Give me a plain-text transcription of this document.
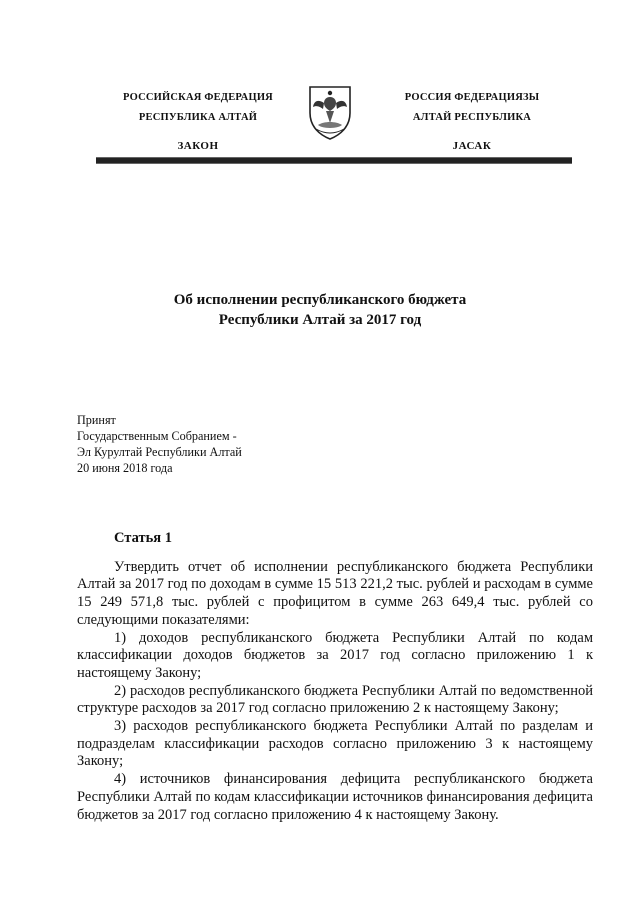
РОССИЙСКАЯ ФЕДЕРАЦИЯ
РЕСПУБЛИКА АЛТАЙ
ЗАКОН
РОССИЯ ФЕДЕРАЦИЯЗЫ
АЛТАЙ РЕСПУБЛИКА
JАСАК
Об исполнении республиканского бюджета
Республики Алтай за 2017 год
Принят
Государственным Собранием -
Эл Курултай Республики Алтай
20 июня 2018 года
Статья 1

Утвердить отчет об исполнении республиканского бюджета Республики Алтай за 2017 год по доходам в сумме 15 513 221,2 тыс. рублей и расходам в сумме 15 249 571,8 тыс. рублей с профицитом в сумме 263 649,4 тыс. рублей со следующими показателями:

1) доходов республиканского бюджета Республики Алтай по кодам классификации доходов бюджетов за 2017 год согласно приложению 1 к настоящему Закону;

2) расходов республиканского бюджета Республики Алтай по ведомственной структуре расходов за 2017 год согласно приложению 2 к настоящему Закону;

3) расходов республиканского бюджета Республики Алтай по разделам и подразделам классификации расходов согласно приложению 3 к настоящему Закону;

4) источников финансирования дефицита республиканского бюджета Республики Алтай по кодам классификации источников финансирования дефицита бюджетов за 2017 год согласно приложению 4 к настоящему Закону.
